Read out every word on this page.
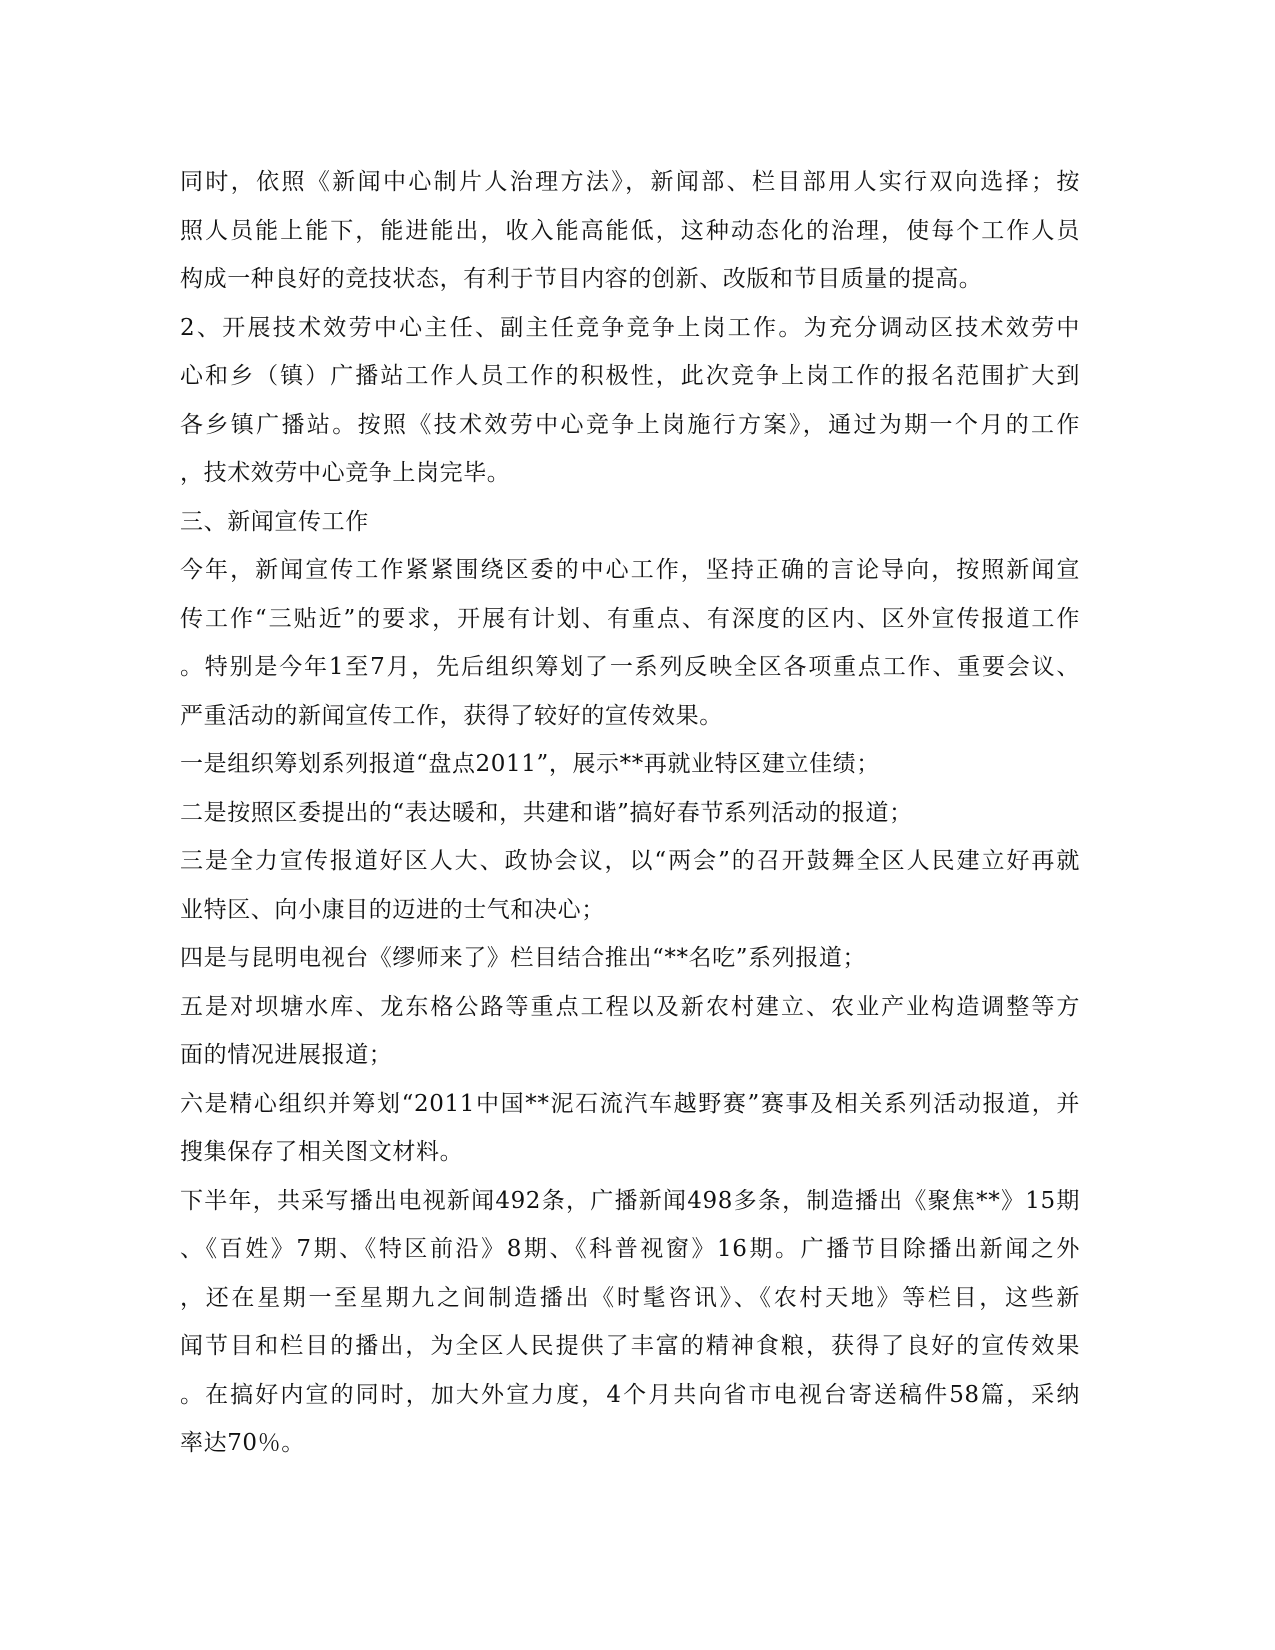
同时，依照《新闻中心制片人治理方法》，新闻部、栏目部用人实行双向选择；按
照人员能上能下，能进能出，收入能高能低，这种动态化的治理，使每个工作人员
构成一种良好的竞技状态，有利于节目内容的创新、改版和节目质量的提高。
2、开展技术效劳中心主任、副主任竞争竞争上岗工作。为充分调动区技术效劳中
心和乡（镇）广播站工作人员工作的积极性，此次竞争上岗工作的报名范围扩大到
各乡镇广播站。按照《技术效劳中心竞争上岗施行方案》，通过为期一个月的工作
，技术效劳中心竞争上岗完毕。
三、新闻宣传工作
今年，新闻宣传工作紧紧围绕区委的中心工作，坚持正确的言论导向，按照新闻宣
传工作“三贴近”的要求，开展有计划、有重点、有深度的区内、区外宣传报道工作
。特别是今年1至7月，先后组织筹划了一系列反映全区各项重点工作、重要会议、
严重活动的新闻宣传工作，获得了较好的宣传效果。
一是组织筹划系列报道“盘点2011”，展示**再就业特区建立佳绩；
二是按照区委提出的“表达暖和，共建和谐”搞好春节系列活动的报道；
三是全力宣传报道好区人大、政协会议，以“两会”的召开鼓舞全区人民建立好再就
业特区、向小康目的迈进的士气和决心；
四是与昆明电视台《缪师来了》栏目结合推出“**名吃”系列报道；
五是对坝塘水库、龙东格公路等重点工程以及新农村建立、农业产业构造调整等方
面的情况进展报道；
六是精心组织并筹划“2011中国**泥石流汽车越野赛”赛事及相关系列活动报道，并
搜集保存了相关图文材料。
下半年，共采写播出电视新闻492条，广播新闻498多条，制造播出《聚焦**》15期
、《百姓》7期、《特区前沿》8期、《科普视窗》16期。广播节目除播出新闻之外
，还在星期一至星期九之间制造播出《时髦咨讯》、《农村天地》等栏目，这些新
闻节目和栏目的播出，为全区人民提供了丰富的精神食粮，获得了良好的宣传效果
。在搞好内宣的同时，加大外宣力度，4个月共向省市电视台寄送稿件58篇，采纳
率达70％。
